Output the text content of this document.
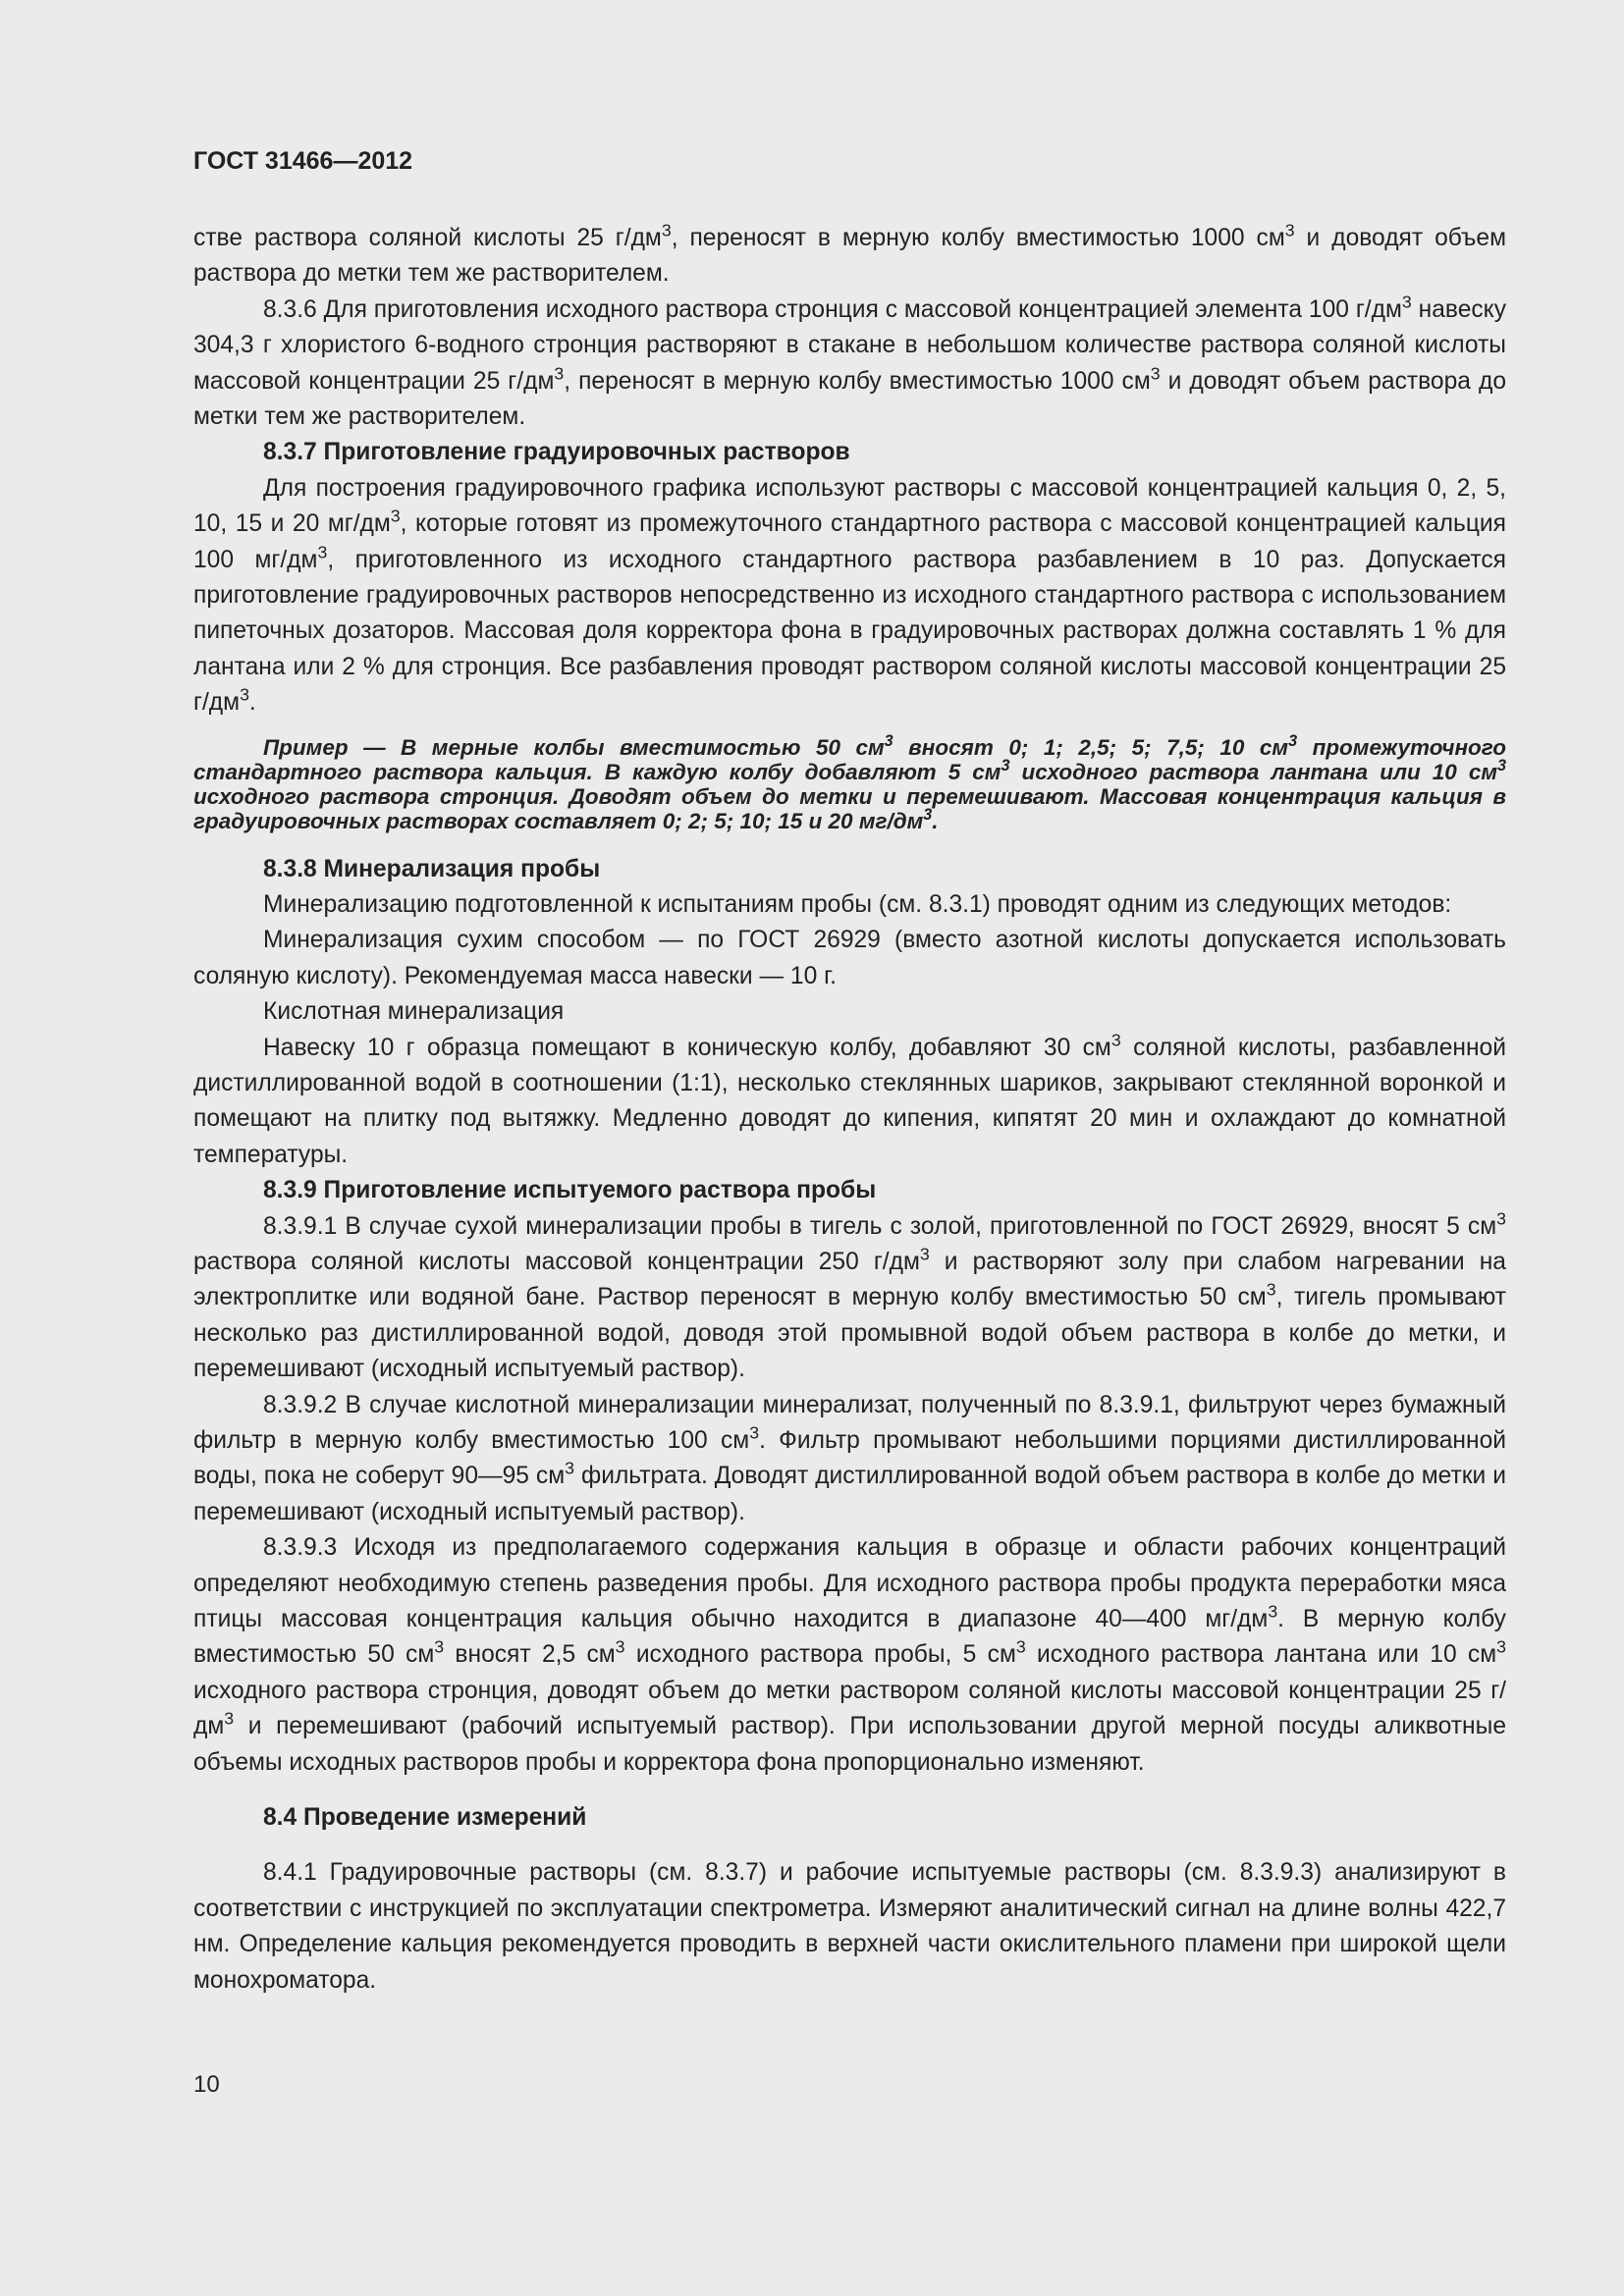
ГОСТ 31466—2012

стве раствора соляной кислоты 25 $г/дм^3$, переносят в мерную колбу вместимостью 1000 $см^3$ и доводят объем раствора до метки тем же растворителем.

8.3.6 Для приготовления исходного раствора стронция с массовой концентрацией элемента 100 $г/дм^3$ навеску 304,3 г хлористого 6-водного стронция растворяют в стакане в небольшом количестве раствора соляной кислоты массовой концентрации 25 $г/дм^3$, переносят в мерную колбу вместимостью 1000 $см^3$ и доводят объем раствора до метки тем же растворителем.

8.3.7 Приготовление градуировочных растворов

Для построения градуировочного графика используют растворы с массовой концентрацией кальция 0, 2, 5, 10, 15 и 20 $мг/дм^3$, которые готовят из промежуточного стандартного раствора с массовой концентрацией кальция 100 $мг/дм^3$, приготовленного из исходного стандартного раствора разбавлением в 10 раз. Допускается приготовление градуировочных растворов непосредственно из исходного стандартного раствора с использованием пипеточных дозаторов. Массовая доля корректора фона в градуировочных растворах должна составлять 1 % для лантана или 2 % для стронция. Все разбавления проводят раствором соляной кислоты массовой концентрации 25 $г/дм^3$.

Пример — В мерные колбы вместимостью 50 $см^3$ вносят 0; 1; 2,5; 5; 7,5; 10 $см^3$ промежуточного стандартного раствора кальция. В каждую колбу добавляют 5 $см^3$ исходного раствора лантана или 10 $см^3$ исходного раствора стронция. Доводят объем до метки и перемешивают. Массовая концентрация кальция в градуировочных растворах составляет 0; 2; 5; 10; 15 и 20 $мг/дм^3$.

8.3.8 Минерализация пробы

Минерализацию подготовленной к испытаниям пробы (см. 8.3.1) проводят одним из следующих методов:

Минерализация сухим способом — по ГОСТ 26929 (вместо азотной кислоты допускается использовать соляную кислоту). Рекомендуемая масса навески — 10 г.

Кислотная минерализация

Навеску 10 г образца помещают в коническую колбу, добавляют 30 $см^3$ соляной кислоты, разбавленной дистиллированной водой в соотношении (1:1), несколько стеклянных шариков, закрывают стеклянной воронкой и помещают на плитку под вытяжку. Медленно доводят до кипения, кипятят 20 мин и охлаждают до комнатной температуры.

8.3.9 Приготовление испытуемого раствора пробы

8.3.9.1 В случае сухой минерализации пробы в тигель с золой, приготовленной по ГОСТ 26929, вносят 5 $см^3$ раствора соляной кислоты массовой концентрации 250 $г/дм^3$ и растворяют золу при слабом нагревании на электроплитке или водяной бане. Раствор переносят в мерную колбу вместимостью 50 $см^3$, тигель промывают несколько раз дистиллированной водой, доводя этой промывной водой объем раствора в колбе до метки, и перемешивают (исходный испытуемый раствор).

8.3.9.2 В случае кислотной минерализации минерализат, полученный по 8.3.9.1, фильтруют через бумажный фильтр в мерную колбу вместимостью 100 $см^3$. Фильтр промывают небольшими порциями дистиллированной воды, пока не соберут 90—95 $см^3$ фильтрата. Доводят дистиллированной водой объем раствора в колбе до метки и перемешивают (исходный испытуемый раствор).

8.3.9.3 Исходя из предполагаемого содержания кальция в образце и области рабочих концентраций определяют необходимую степень разведения пробы. Для исходного раствора пробы продукта переработки мяса птицы массовая концентрация кальция обычно находится в диапазоне 40—400 $мг/дм^3$. В мерную колбу вместимостью 50 $см^3$ вносят 2,5 $см^3$ исходного раствора пробы, 5 $см^3$ исходного раствора лантана или 10 $см^3$ исходного раствора стронция, доводят объем до метки раствором соляной кислоты массовой концентрации 25 $г/дм^3$ и перемешивают (рабочий испытуемый раствор). При использовании другой мерной посуды аликвотные объемы исходных растворов пробы и корректора фона пропорционально изменяют.

8.4 Проведение измерений

8.4.1 Градуировочные растворы (см. 8.3.7) и рабочие испытуемые растворы (см. 8.3.9.3) анализируют в соответствии с инструкцией по эксплуатации спектрометра. Измеряют аналитический сигнал на длине волны 422,7 нм. Определение кальция рекомендуется проводить в верхней части окислительного пламени при широкой щели монохроматора.

10
